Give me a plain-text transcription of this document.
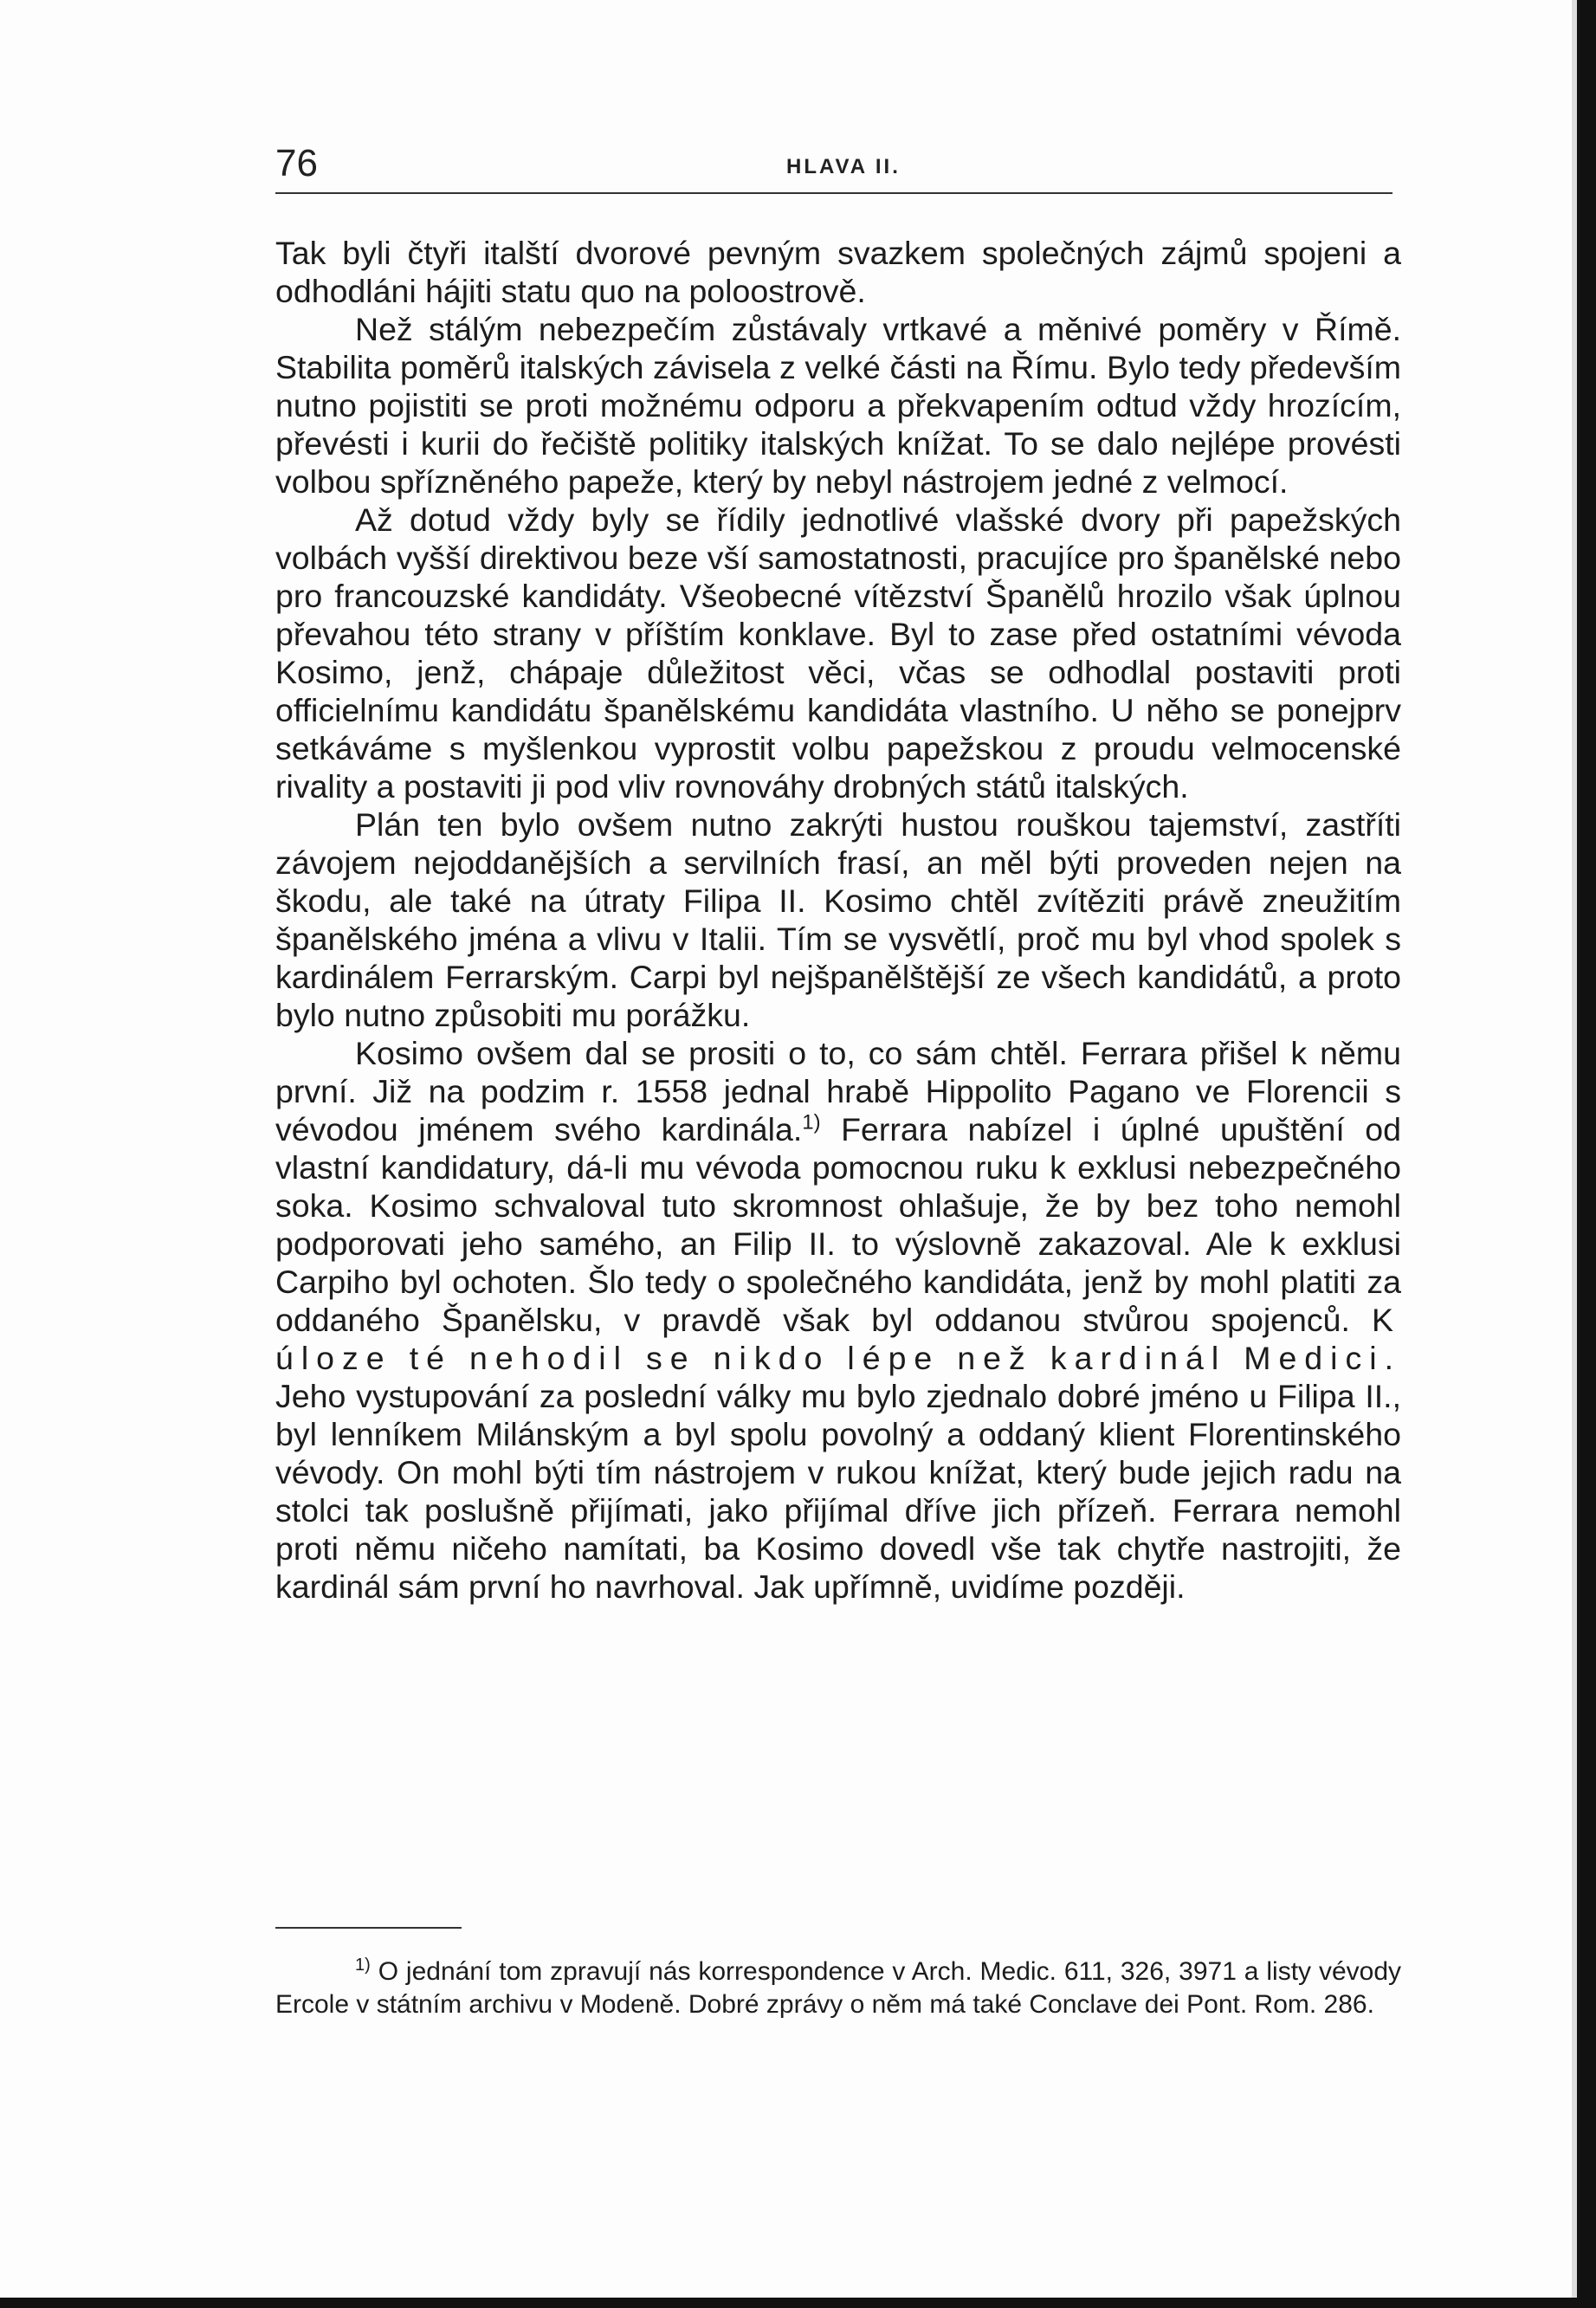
76	HLAVA II.

Tak byli čtyři italští dvorové pevným svazkem společných zájmů spojeni a odhodláni hájiti statu quo na poloostrově.

Než stálým nebezpečím zůstávaly vrtkavé a měnivé poměry v Římě. Stabilita poměrů italských závisela z velké části na Římu. Bylo tedy především nutno pojistiti se proti možnému odporu a překvapením odtud vždy hrozícím, převésti i kurii do řečiště politiky italských knížat. To se dalo nejlépe provésti volbou spřízněného papeže, který by nebyl nástrojem jedné z velmocí.

Až dotud vždy byly se řídily jednotlivé vlašské dvory při papežských volbách vyšší direktivou beze vší samostatnosti, pracujíce pro španělské nebo pro francouzské kandidáty. Všeobecné vítězství Španělů hrozilo však úplnou převahou této strany v příštím konklave. Byl to zase před ostatními vévoda Kosimo, jenž, chápaje důležitost věci, včas se odhodlal postaviti proti officielnímu kandidátu španělskému kandidáta vlastního. U něho se ponejprv setkáváme s myšlenkou vyprostit volbu papežskou z proudu velmocenské rivality a postaviti ji pod vliv rovnováhy drobných států italských.

Plán ten bylo ovšem nutno zakrýti hustou rouškou tajemství, zastříti závojem nejoddanějších a servilních frasí, an měl býti proveden nejen na škodu, ale také na útraty Filipa II. Kosimo chtěl zvítěziti právě zneužitím španělského jména a vlivu v Italii. Tím se vysvětlí, proč mu byl vhod spolek s kardinálem Ferrarským. Carpi byl nejšpanělštější ze všech kandidátů, a proto bylo nutno způsobiti mu porážku.

Kosimo ovšem dal se prositi o to, co sám chtěl. Ferrara přišel k němu první. Již na podzim r. 1558 jednal hrabě Hippolito Pagano ve Florencii s vévodou jménem svého kardinála.$^{1)}$ Ferrara nabízel i úplné upuštění od vlastní kandidatury, dá-li mu vévoda pomocnou ruku k exklusi nebezpečného soka. Kosimo schvaloval tuto skromnost ohlašuje, že by bez toho nemohl podporovati jeho samého, an Filip II. to výslovně zakazoval. Ale k exklusi Carpiho byl ochoten. Šlo tedy o společného kandidáta, jenž by mohl platiti za oddaného Španělsku, v pravdě však byl oddanou stvůrou spojenců. K úloze té nehodil se nikdo lépe než kardinál Medici. Jeho vystupování za poslední války mu bylo zjednalo dobré jméno u Filipa II., byl lenníkem Milánským a byl spolu povolný a oddaný klient Florentinského vévody. On mohl býti tím nástrojem v rukou knížat, který bude jejich radu na stolci tak poslušně přijímati, jako přijímal dříve jich přízeň. Ferrara nemohl proti němu ničeho namítati, ba Kosimo dovedl vše tak chytře nastrojiti, že kardinál sám první ho navrhoval. Jak upřímně, uvidíme později.

$^{1)}$ O jednání tom zpravují nás korrespondence v Arch. Medic. 611, 326, 3971 a listy vévody Ercole v státním archivu v Modeně. Dobré zprávy o něm má také Conclave dei Pont. Rom. 286.
